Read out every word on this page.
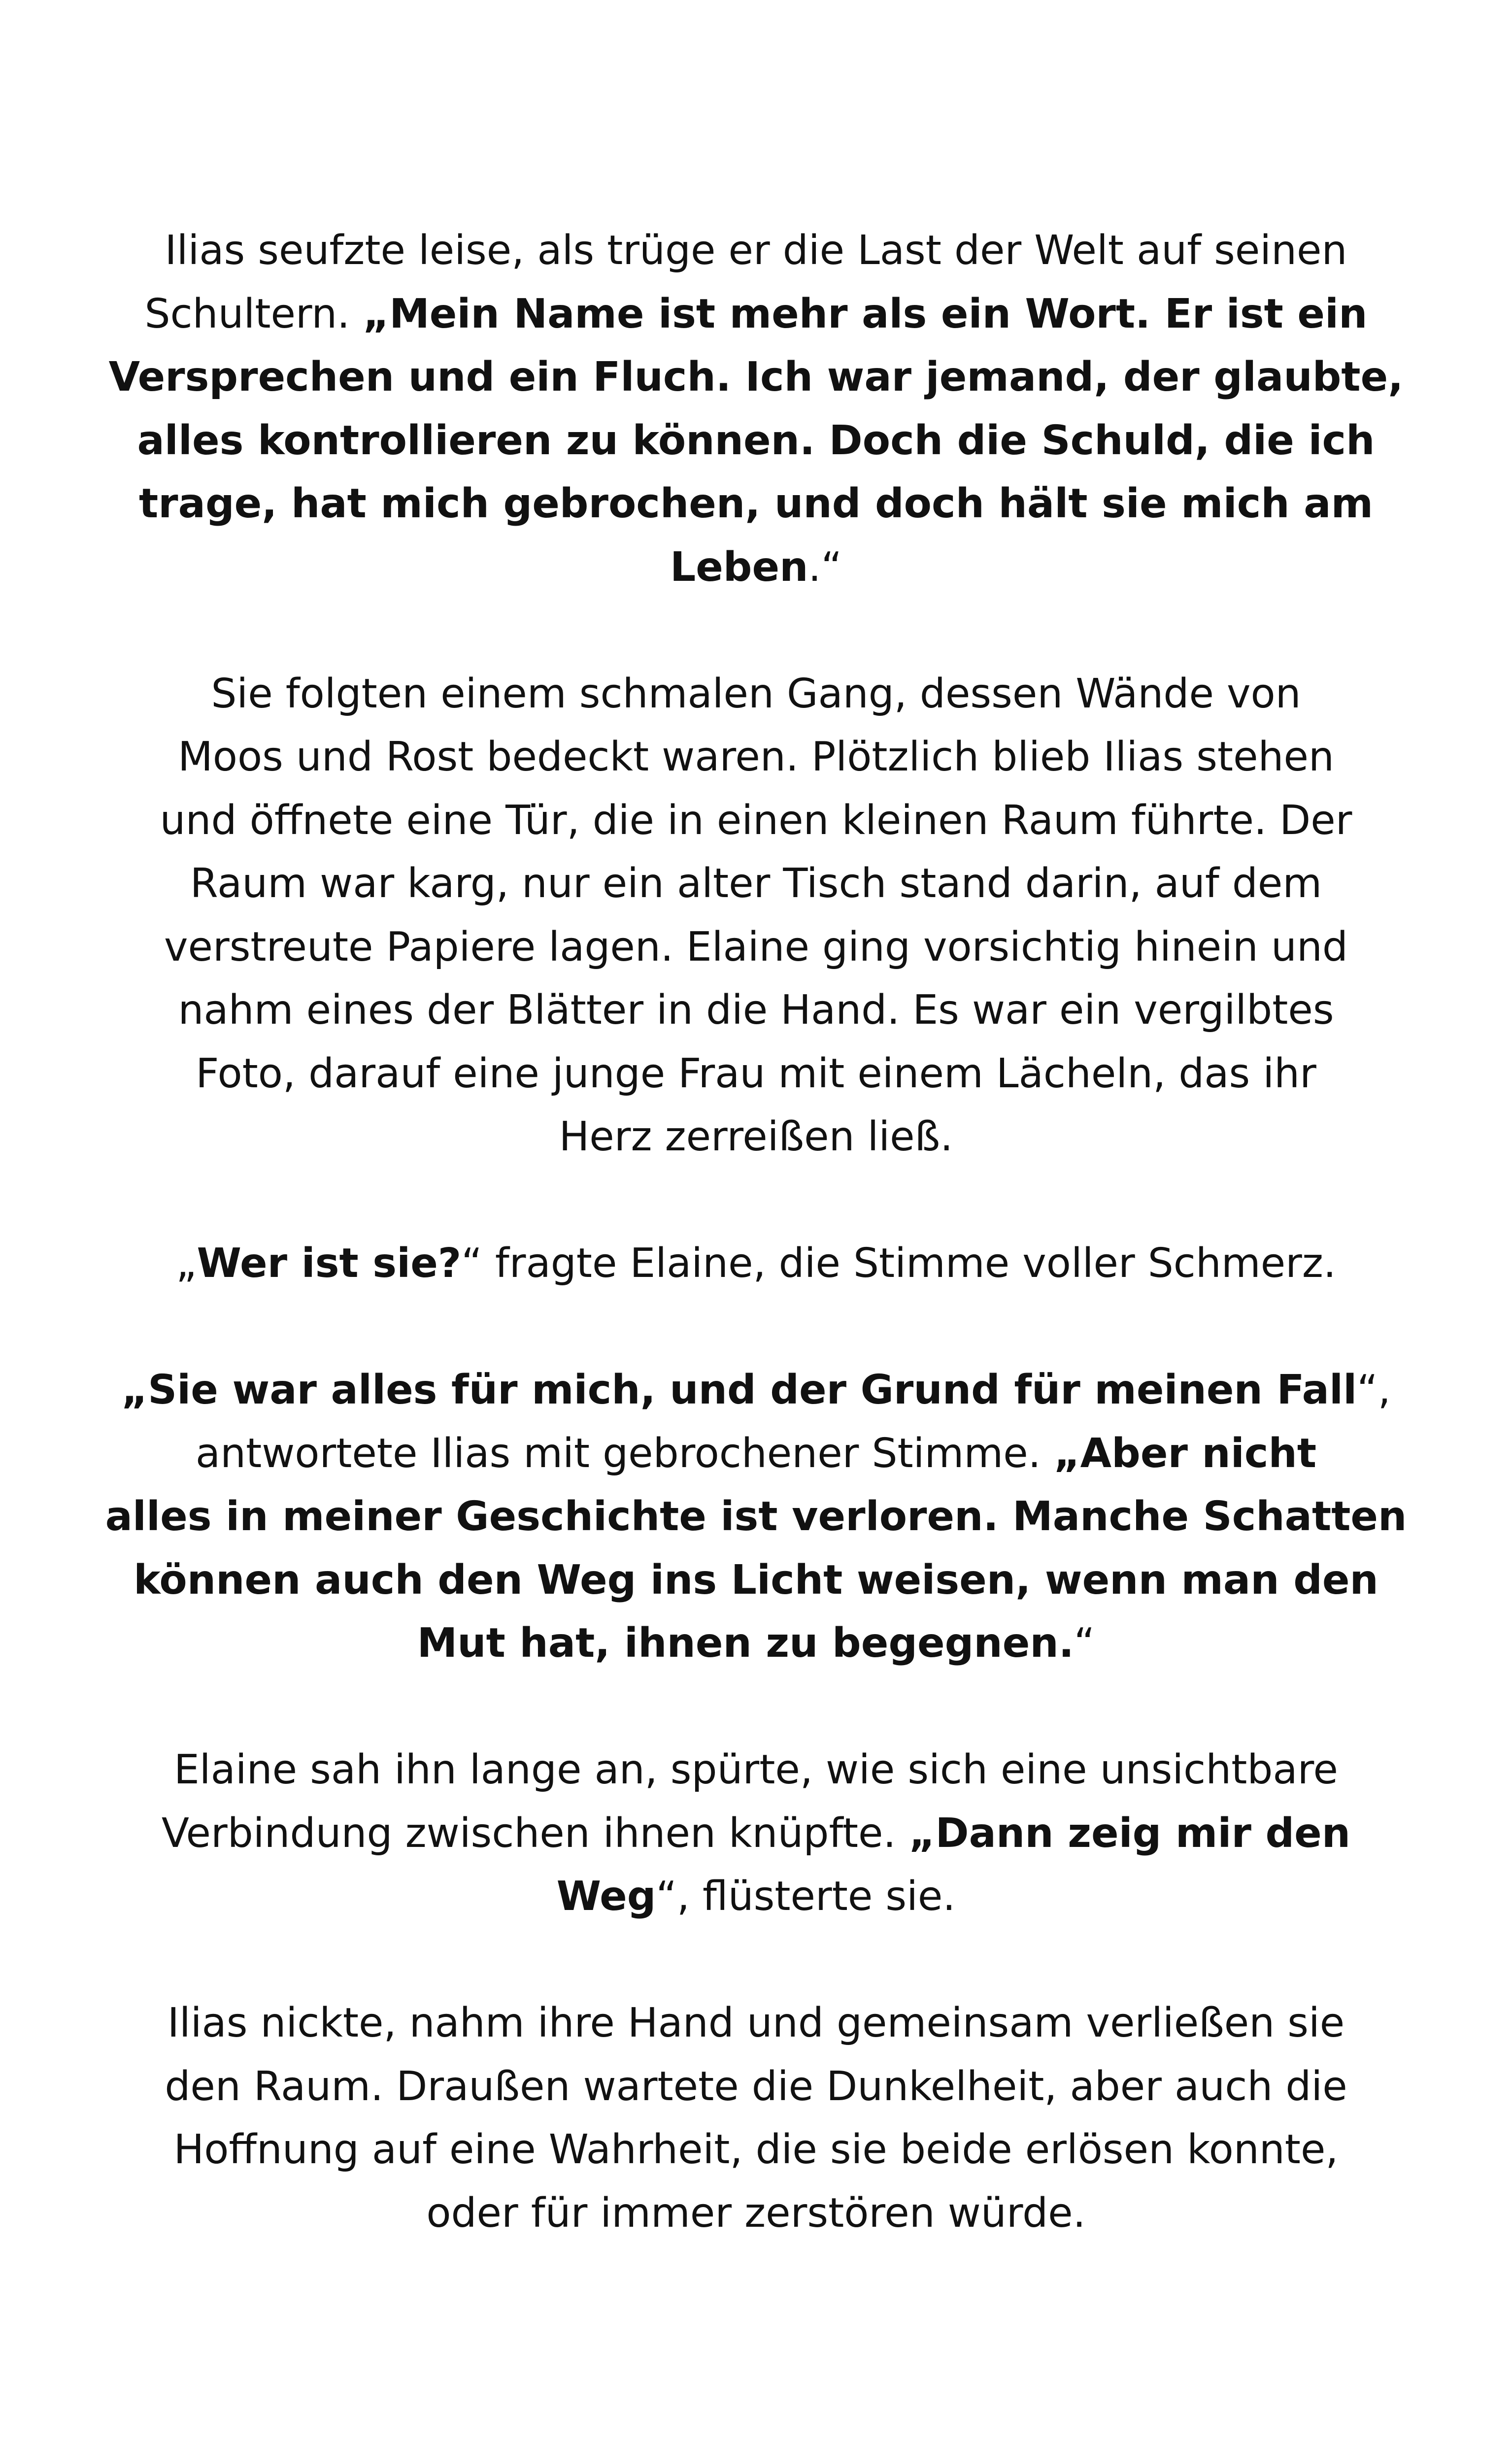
Ilias seufzte leise, als trüge er die Last der Welt auf seinen
Schultern. „Mein Name ist mehr als ein Wort. Er ist ein
Versprechen und ein Fluch. Ich war jemand, der glaubte,
alles kontrollieren zu können. Doch die Schuld, die ich
trage, hat mich gebrochen, und doch hält sie mich am
Leben.“

Sie folgten einem schmalen Gang, dessen Wände von
Moos und Rost bedeckt waren. Plötzlich blieb Ilias stehen
und öffnete eine Tür, die in einen kleinen Raum führte. Der
Raum war karg, nur ein alter Tisch stand darin, auf dem
verstreute Papiere lagen. Elaine ging vorsichtig hinein und
nahm eines der Blätter in die Hand. Es war ein vergilbtes
Foto, darauf eine junge Frau mit einem Lächeln, das ihr
Herz zerreißen ließ.

„Wer ist sie?“ fragte Elaine, die Stimme voller Schmerz.

„Sie war alles für mich, und der Grund für meinen Fall“,
antwortete Ilias mit gebrochener Stimme. „Aber nicht
alles in meiner Geschichte ist verloren. Manche Schatten
können auch den Weg ins Licht weisen, wenn man den
Mut hat, ihnen zu begegnen.“

Elaine sah ihn lange an, spürte, wie sich eine unsichtbare
Verbindung zwischen ihnen knüpfte. „Dann zeig mir den
Weg“, flüsterte sie.

Ilias nickte, nahm ihre Hand und gemeinsam verließen sie
den Raum. Draußen wartete die Dunkelheit, aber auch die
Hoffnung auf eine Wahrheit, die sie beide erlösen konnte,
oder für immer zerstören würde.
